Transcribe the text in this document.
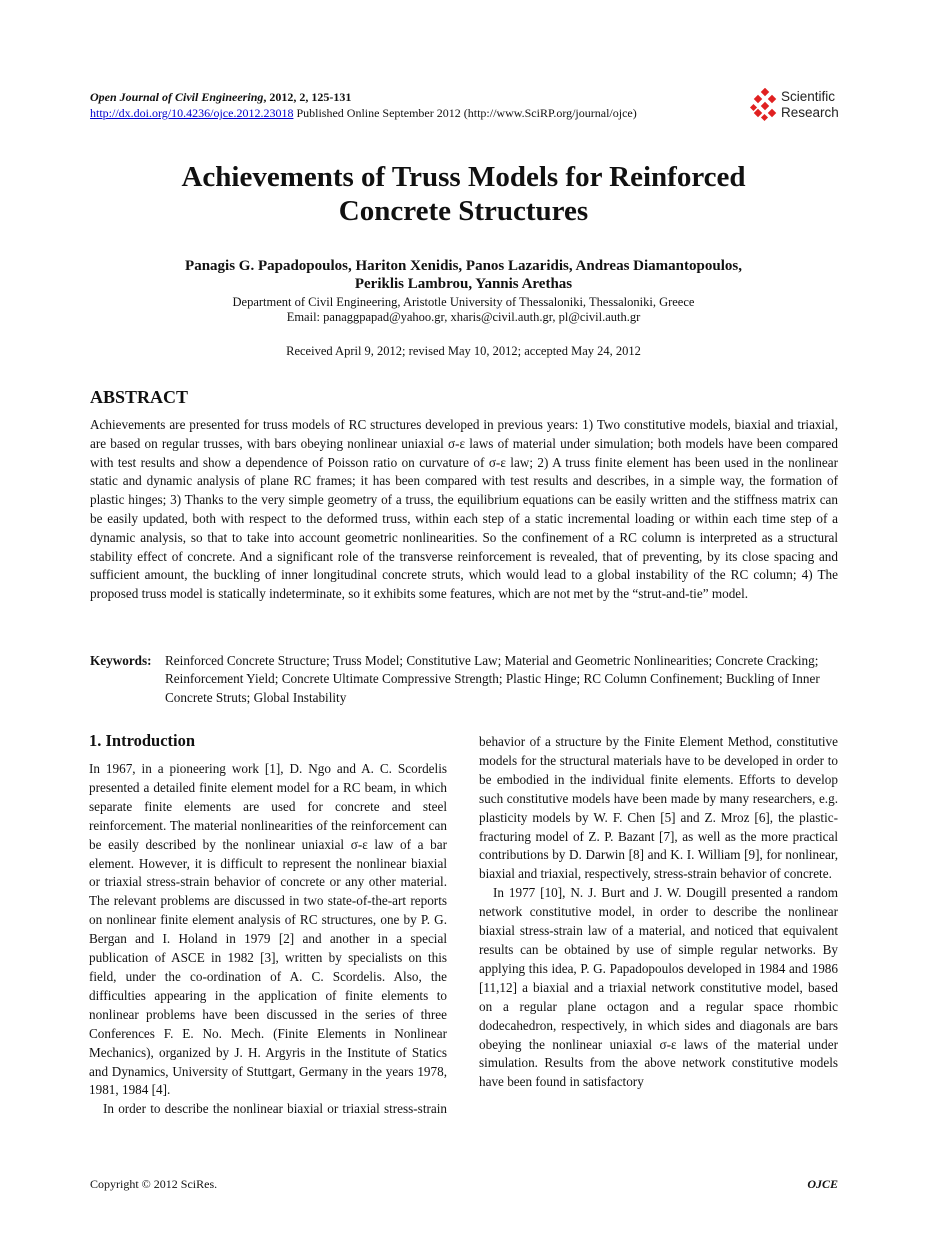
Open Journal of Civil Engineering, 2012, 2, 125-131
http://dx.doi.org/10.4236/ojce.2012.23018 Published Online September 2012 (http://www.SciRP.org/journal/ojce)
Scientific
Research
Achievements of Truss Models for Reinforced
Concrete Structures
Panagis G. Papadopoulos, Hariton Xenidis, Panos Lazaridis, Andreas Diamantopoulos,
Periklis Lambrou, Yannis Arethas
Department of Civil Engineering, Aristotle University of Thessaloniki, Thessaloniki, Greece
Email: panaggpapad@yahoo.gr, xharis@civil.auth.gr, pl@civil.auth.gr
Received April 9, 2012; revised May 10, 2012; accepted May 24, 2012
ABSTRACT

Achievements are presented for truss models of RC structures developed in previous years: 1) Two constitutive models, biaxial and triaxial, are based on regular trusses, with bars obeying nonlinear uniaxial σ-ε laws of material under simulation; both models have been compared with test results and show a dependence of Poisson ratio on curvature of σ-ε law; 2) A truss finite element has been used in the nonlinear static and dynamic analysis of plane RC frames; it has been compared with test results and describes, in a simple way, the formation of plastic hinges; 3) Thanks to the very simple geometry of a truss, the equilibrium equations can be easily written and the stiffness matrix can be easily updated, both with respect to the deformed truss, within each step of a static incremental loading or within each time step of a dynamic analysis, so that to take into account geometric nonlinearities. So the confinement of a RC column is interpreted as a structural stability effect of concrete. And a significant role of the transverse reinforcement is revealed, that of preventing, by its close spacing and sufficient amount, the buckling of inner longitudinal concrete struts, which would lead to a global instability of the RC column; 4) The proposed truss model is statically indeterminate, so it exhibits some features, which are not met by the “strut-and-tie” model.

Keywords:	Reinforced Concrete Structure; Truss Model; Constitutive Law; Material and Geometric Nonlinearities; Concrete Cracking; Reinforcement Yield; Concrete Ultimate Compressive Strength; Plastic Hinge; RC Column Confinement; Buckling of Inner Concrete Struts; Global Instability
1. Introduction

In 1967, in a pioneering work [1], D. Ngo and A. C. Scordelis presented a detailed finite element model for a RC beam, in which separate finite elements are used for concrete and steel reinforcement. The material nonlinearities of the reinforcement can be easily described by the nonlinear uniaxial σ-ε law of a bar element. However, it is difficult to represent the nonlinear biaxial or triaxial stress-strain behavior of concrete or any other material. The relevant problems are discussed in two state-of-the-art reports on nonlinear finite element analysis of RC structures, one by P. G. Bergan and I. Holand in 1979 [2] and another in a special publication of ASCE in 1982 [3], written by specialists on this field, under the co-ordination of A. C. Scordelis. Also, the difficulties appearing in the application of finite elements to nonlinear problems have been discussed in the series of three Conferences F. E. No. Mech. (Finite Elements in Nonlinear Mechanics), organized by J. H. Argyris in the Institute of Statics and Dynamics, University of Stuttgart, Germany in the years 1978, 1981, 1984 [4].

In order to describe the nonlinear biaxial or triaxial stress-strain

behavior of a structure by the Finite Element Method, constitutive models for the structural materials have to be developed in order to be embodied in the individual finite elements. Efforts to develop such constitutive models have been made by many researchers, e.g. plasticity models by W. F. Chen [5] and Z. Mroz [6], the plastic-fracturing model of Z. P. Bazant [7], as well as the more practical contributions by D. Darwin [8] and K. I. William [9], for nonlinear, biaxial and triaxial, respectively, stress-strain behavior of concrete.

In 1977 [10], N. J. Burt and J. W. Dougill presented a random network constitutive model, in order to describe the nonlinear biaxial stress-strain law of a material, and noticed that equivalent results can be obtained by use of simple regular networks. By applying this idea, P. G. Papadopoulos developed in 1984 and 1986 [11,12] a biaxial and a triaxial network constitutive model, based on a regular plane octagon and a regular space rhombic dodecahedron, respectively, in which sides and diagonals are bars obeying the nonlinear uniaxial σ-ε laws of the material under simulation. Results from the above network constitutive models have been found in satisfactory

Copyright © 2012 SciRes.	OJCE
